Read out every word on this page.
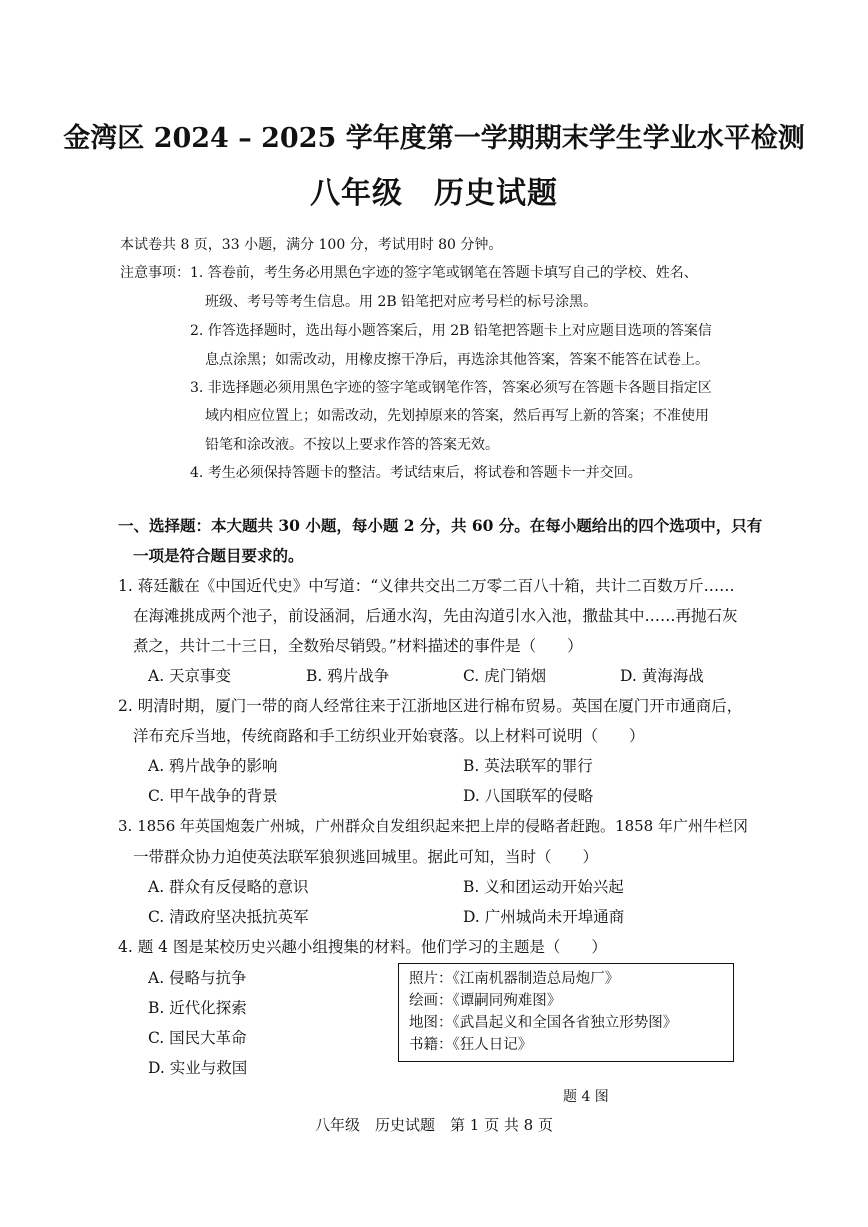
金湾区 2024 – 2025 学年度第一学期期末学生学业水平检测
八年级　历史试题
本试卷共 8 页，33 小题，满分 100 分，考试用时 80 分钟。
注意事项： 1. 答卷前，考生务必用黑色字迹的签字笔或钢笔在答题卡填写自己的学校、姓名、
班级、考号等考生信息。用 2B 铅笔把对应考号栏的标号涂黑。
2. 作答选择题时，选出每小题答案后，用 2B 铅笔把答题卡上对应题目选项的答案信
息点涂黑；如需改动，用橡皮擦干净后，再选涂其他答案，答案不能答在试卷上。
3. 非选择题必须用黑色字迹的签字笔或钢笔作答，答案必须写在答题卡各题目指定区
域内相应位置上；如需改动，先划掉原来的答案，然后再写上新的答案；不准使用
铅笔和涂改液。不按以上要求作答的答案无效。
4. 考生必须保持答题卡的整洁。考试结束后，将试卷和答题卡一并交回。
一、选择题：本大题共 30 小题，每小题 2 分，共 60 分。在每小题给出的四个选项中，只有
一项是符合题目要求的。
1. 蒋廷黻在《中国近代史》中写道：“义律共交出二万零二百八十箱，共计二百数万斤……
在海滩挑成两个池子，前设涵洞，后通水沟，先由沟道引水入池，撒盐其中……再抛石灰
煮之，共计二十三日，全数殆尽销毁。”材料描述的事件是（　　）
A. 天京事变	B. 鸦片战争	C. 虎门销烟	D. 黄海海战
2. 明清时期，厦门一带的商人经常往来于江浙地区进行棉布贸易。英国在厦门开市通商后，
洋布充斥当地，传统商路和手工纺织业开始衰落。以上材料可说明（　　）
A. 鸦片战争的影响	B. 英法联军的罪行
C. 甲午战争的背景	D. 八国联军的侵略
3. 1856 年英国炮轰广州城，广州群众自发组织起来把上岸的侵略者赶跑。1858 年广州牛栏冈
一带群众协力迫使英法联军狼狈逃回城里。据此可知，当时（　　）
A. 群众有反侵略的意识	B. 义和团运动开始兴起
C. 清政府坚决抵抗英军	D. 广州城尚未开埠通商
4. 题 4 图是某校历史兴趣小组搜集的材料。他们学习的主题是（　　）
A. 侵略与抗争
B. 近代化探索
C. 国民大革命
D. 实业与救国
照片：《江南机器制造总局炮厂》
绘画：《谭嗣同殉难图》
地图：《武昌起义和全国各省独立形势图》
书籍：《狂人日记》
题 4 图
八年级　历史试题　第 1 页 共 8 页
